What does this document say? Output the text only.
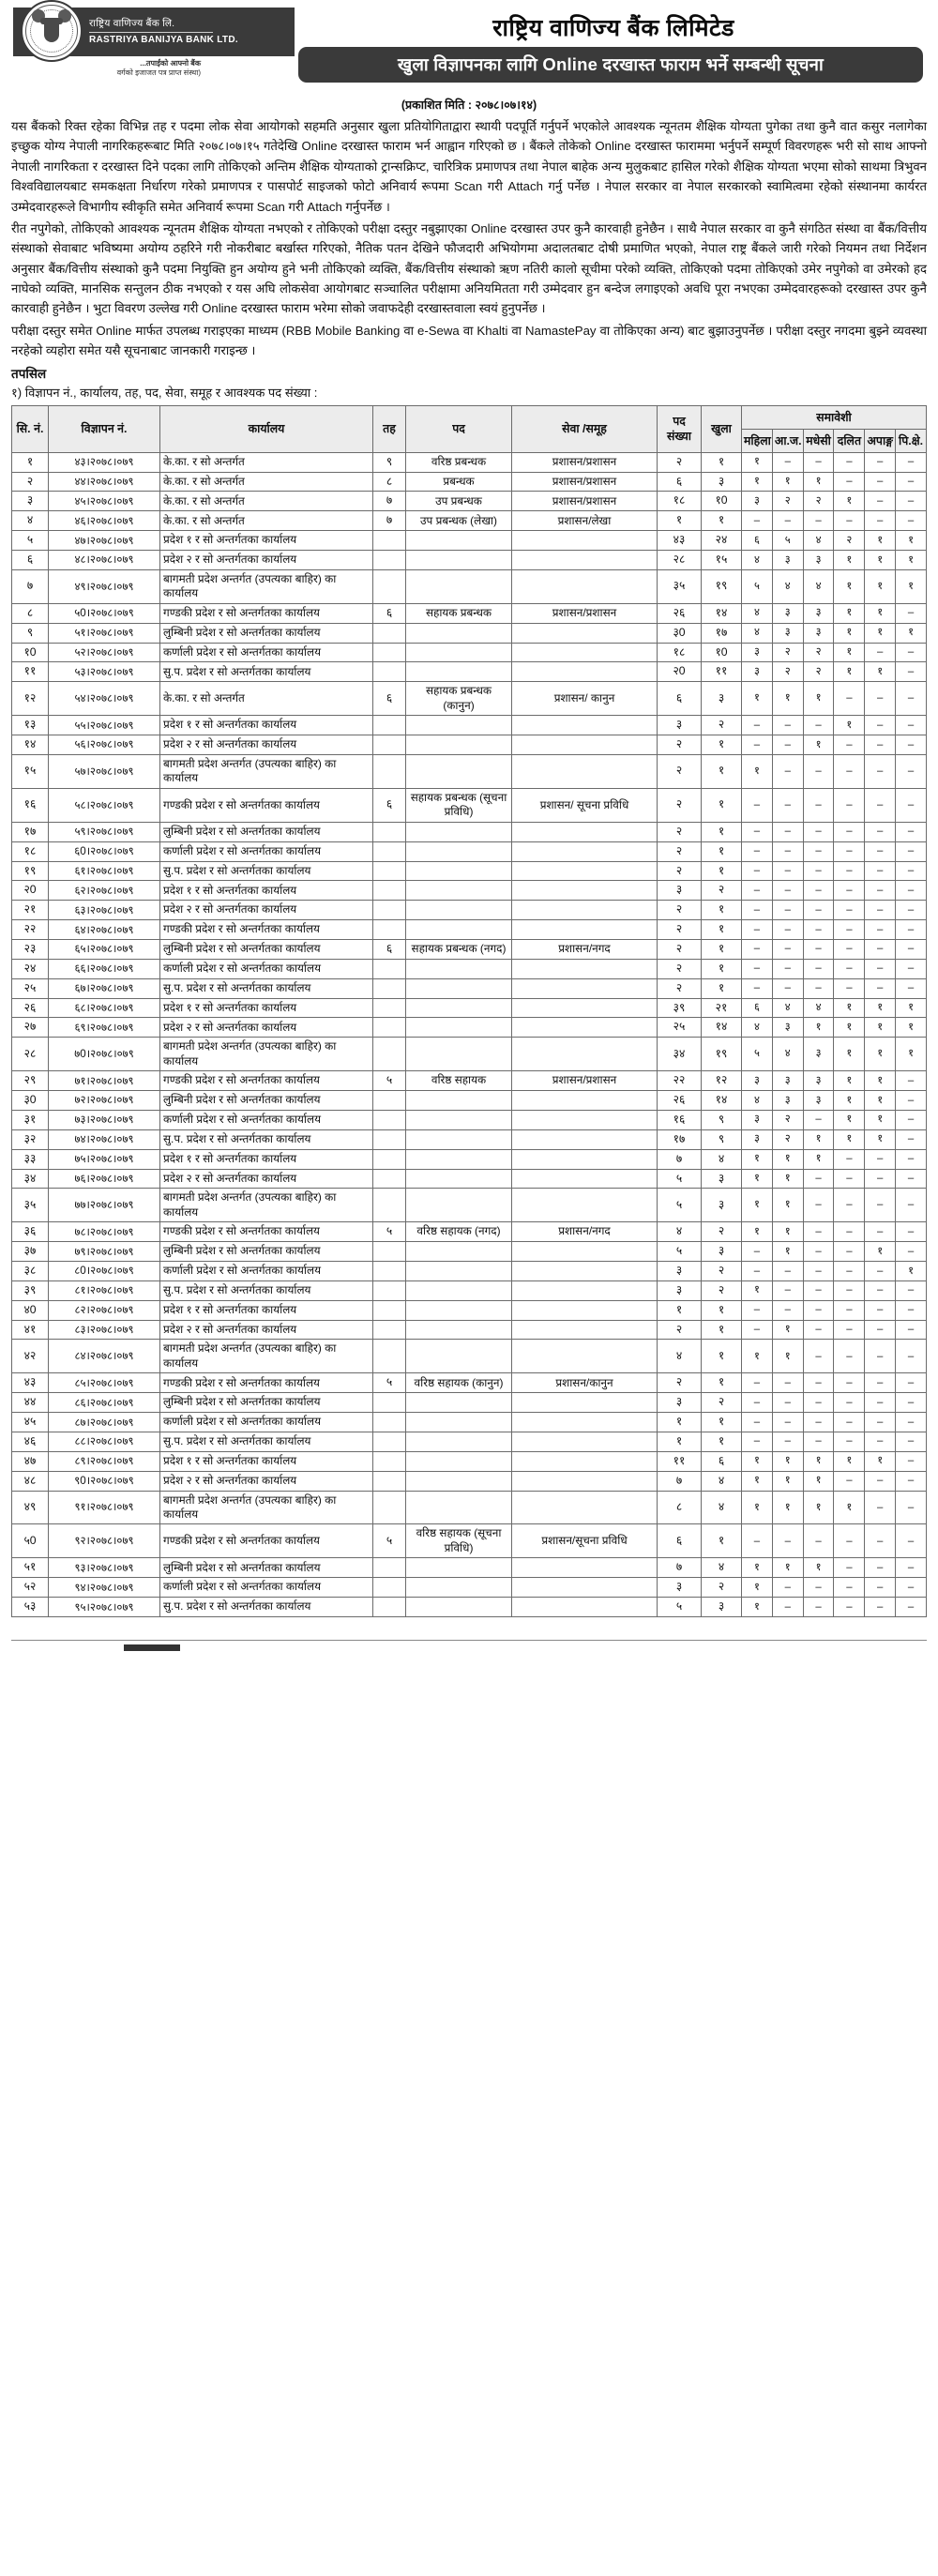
राष्ट्रिय वाणिज्य बैंक लि.
RASTRIYA BANIJYA BANK LTD.
...तपाईंको आफ्नो बैंक
वर्गको इजाजत पत्र प्राप्त संस्था)
राष्ट्रिय वाणिज्य बैंक लिमिटेड
खुला विज्ञापनका लागि Online दरखास्त फाराम भर्ने सम्बन्धी सूचना
(प्रकाशित मिति : २०७८।०७।१४)
यस बैंकको रिक्त रहेका विभिन्न तह र पदमा लोक सेवा आयोगको सहमति अनुसार खुला प्रतियोगिताद्वारा स्थायी पदपूर्ति गर्नुपर्ने भएकोले आवश्यक न्यूनतम शैक्षिक योग्यता पुगेका तथा कुनै वात कसुर नलागेका इच्छुक योग्य नेपाली नागरिकहरूबाट मिति २०७८।०७।१५ गतेदेखि Online दरखास्त फाराम भर्न आह्वान गरिएको छ । बैंकले तोकेको Online दरखास्त फाराममा भर्नुपर्ने सम्पूर्ण विवरणहरू भरी सो साथ आफ्नो नेपाली नागरिकता र दरखास्त दिने पदका लागि तोकिएको अन्तिम शैक्षिक योग्यताको ट्रान्सक्रिप्ट, चारित्रिक प्रमाणपत्र तथा नेपाल बाहेक अन्य मुलुकबाट हासिल गरेको शैक्षिक योग्यता भएमा सोको साथमा त्रिभुवन विश्वविद्यालयबाट समकक्षता निर्धारण गरेको प्रमाणपत्र र पासपोर्ट साइजको फोटो अनिवार्य रूपमा Scan गरी Attach गर्नु पर्नेछ । नेपाल सरकार वा नेपाल सरकारको स्वामित्वमा रहेको संस्थानमा कार्यरत उम्मेदवारहरूले विभागीय स्वीकृति समेत अनिवार्य रूपमा Scan गरी Attach गर्नुपर्नेछ ।
रीत नपुगेको, तोकिएको आवश्यक न्यूनतम शैक्षिक योग्यता नभएको र तोकिएको परीक्षा दस्तुर नबुझाएका Online दरखास्त उपर कुनै कारवाही हुनेछैन । साथै नेपाल सरकार वा कुनै संगठित संस्था वा बैंक/वित्तीय संस्थाको सेवाबाट भविष्यमा अयोग्य ठहरिने गरी नोकरीबाट बर्खास्त गरिएको, नैतिक पतन देखिने फौजदारी अभियोगमा अदालतबाट दोषी प्रमाणित भएको, नेपाल राष्ट्र बैंकले जारी गरेको नियमन तथा निर्देशन अनुसार बैंक/वित्तीय संस्थाको कुनै पदमा नियुक्ति हुन अयोग्य हुने भनी तोकिएको व्यक्ति, बैंक/वित्तीय संस्थाको ऋण नतिरी कालो सूचीमा परेको व्यक्ति, तोकिएको पदमा तोकिएको उमेर नपुगेको वा उमेरको हद नाघेको व्यक्ति, मानसिक सन्तुलन ठीक नभएको र यस अघि लोकसेवा आयोगबाट सञ्चालित परीक्षामा अनियमितता गरी उम्मेदवार हुन बन्देज लगाइएको अवधि पूरा नभएका उम्मेदवारहरूको दरखास्त उपर कुनै कारवाही हुनेछैन । भुटा विवरण उल्लेख गरी Online दरखास्त फाराम भरेमा सोको जवाफदेही दरखास्तवाला स्वयं हुनुपर्नेछ ।
परीक्षा दस्तुर समेत Online मार्फत उपलब्ध गराइएका माध्यम (RBB Mobile Banking वा e-Sewa वा Khalti वा NamastePay वा तोकिएका अन्य) बाट बुझाउनुपर्नेछ । परीक्षा दस्तुर नगदमा बुझ्ने व्यवस्था नरहेको व्यहोरा समेत यसै सूचनाबाट जानकारी गराइन्छ ।
तपसिल
१) विज्ञापन नं., कार्यालय, तह, पद, सेवा, समूह र आवश्यक पद संख्या :
सि. नं.	विज्ञापन नं.	कार्यालय	तह	पद	सेवा /समूह	पद संख्या	खुला	समावेशी					
								महिला	आ.ज.	मधेसी	दलित	अपाङ्ग	पि.क्षे.
१	४३।२०७८।०७९	के.का. र सो अन्तर्गत	९	वरिष्ठ प्रबन्धक	प्रशासन/प्रशासन	२	१	१	–	–	–	–	–
२	४४।२०७८।०७९	के.का. र सो अन्तर्गत	८	प्रबन्धक	प्रशासन/प्रशासन	६	३	१	१	१	–	–	–
३	४५।२०७८।०७९	के.का. र सो अन्तर्गत	७	उप प्रबन्धक	प्रशासन/प्रशासन	१८	१0	३	२	२	१	–	–
४	४६।२०७८।०७९	के.का. र सो अन्तर्गत	७	उप प्रबन्धक (लेखा)	प्रशासन/लेखा	१	१	–	–	–	–	–	–
५	४७।२०७८।०७९	प्रदेश १ र सो अन्तर्गतका कार्यालय				४३	२४	६	५	४	२	१	१
६	४८।२०७८।०७९	प्रदेश २ र सो अन्तर्गतका कार्यालय				२८	१५	४	३	३	१	१	१
७	४९।२०७८।०७९	बागमती प्रदेश अन्तर्गत (उपत्यका बाहिर) का कार्यालय				३५	१९	५	४	४	१	१	१
८	५0।२०७८।०७९	गण्डकी प्रदेश र सो अन्तर्गतका कार्यालय	६	सहायक प्रबन्धक	प्रशासन/प्रशासन	२६	१४	४	३	३	१	१	–
९	५१।२०७८।०७९	लुम्बिनी प्रदेश र सो अन्तर्गतका कार्यालय				३0	१७	४	३	३	१	१	१
१0	५२।२०७८।०७९	कर्णाली प्रदेश र सो अन्तर्गतका कार्यालय				१८	१0	३	२	२	१	–	–
११	५३।२०७८।०७९	सु.प. प्रदेश र सो अन्तर्गतका कार्यालय				२0	११	३	२	२	१	१	–
१२	५४।२०७८।०७९	के.का. र सो अन्तर्गत	६	सहायक प्रबन्धक (कानुन)	प्रशासन/ कानुन	६	३	१	१	१	–	–	–
१३	५५।२०७८।०७९	प्रदेश १ र सो अन्तर्गतका कार्यालय				३	२	–	–	–	१	–	–
१४	५६।२०७८।०७९	प्रदेश २ र सो अन्तर्गतका कार्यालय				२	१	–	–	१	–	–	–
१५	५७।२०७८।०७९	बागमती प्रदेश अन्तर्गत (उपत्यका बाहिर) का कार्यालय				२	१	१	–	–	–	–	–
१६	५८।२०७८।०७९	गण्डकी प्रदेश र सो अन्तर्गतका कार्यालय	६	सहायक प्रबन्धक (सूचना प्रविधि)	प्रशासन/ सूचना प्रविधि	२	१	–	–	–	–	–	–
१७	५९।२०७८।०७९	लुम्बिनी प्रदेश र सो अन्तर्गतका कार्यालय				२	१	–	–	–	–	–	–
१८	६0।२०७८।०७९	कर्णाली प्रदेश र सो अन्तर्गतका कार्यालय				२	१	–	–	–	–	–	–
१९	६१।२०७८।०७९	सु.प. प्रदेश र सो अन्तर्गतका कार्यालय				२	१	–	–	–	–	–	–
२0	६२।२०७८।०७९	प्रदेश १ र सो अन्तर्गतका कार्यालय				३	२	–	–	–	–	–	–
२१	६३।२०७८।०७९	प्रदेश २ र सो अन्तर्गतका कार्यालय				२	१	–	–	–	–	–	–
२२	६४।२०७८।०७९	गण्डकी प्रदेश र सो अन्तर्गतका कार्यालय				२	१	–	–	–	–	–	–
२३	६५।२०७८।०७९	लुम्बिनी प्रदेश र सो अन्तर्गतका कार्यालय	६	सहायक प्रबन्धक (नगद)	प्रशासन/नगद	२	१	–	–	–	–	–	–
२४	६६।२०७८।०७९	कर्णाली प्रदेश र सो अन्तर्गतका कार्यालय				२	१	–	–	–	–	–	–
२५	६७।२०७८।०७९	सु.प. प्रदेश र सो अन्तर्गतका कार्यालय				२	१	–	–	–	–	–	–
२६	६८।२०७८।०७९	प्रदेश १ र सो अन्तर्गतका कार्यालय				३९	२१	६	४	४	१	१	१
२७	६९।२०७८।०७९	प्रदेश २ र सो अन्तर्गतका कार्यालय				२५	१४	४	३	१	१	१	१
२८	७0।२०७८।०७९	बागमती प्रदेश अन्तर्गत (उपत्यका बाहिर) का कार्यालय				३४	१९	५	४	३	१	१	१
२९	७१।२०७८।०७९	गण्डकी प्रदेश र सो अन्तर्गतका कार्यालय	५	वरिष्ठ सहायक	प्रशासन/प्रशासन	२२	१२	३	३	३	१	१	–
३0	७२।२०७८।०७९	लुम्बिनी प्रदेश र सो अन्तर्गतका कार्यालय				२६	१४	४	३	३	१	१	–
३१	७३।२०७८।०७९	कर्णाली प्रदेश र सो अन्तर्गतका कार्यालय				१६	९	३	२	–	१	१	–
३२	७४।२०७८।०७९	सु.प. प्रदेश र सो अन्तर्गतका कार्यालय				१७	९	३	२	१	१	१	–
३३	७५।२०७८।०७९	प्रदेश १ र सो अन्तर्गतका कार्यालय				७	४	१	१	१	–	–	–
३४	७६।२०७८।०७९	प्रदेश २ र सो अन्तर्गतका कार्यालय				५	३	१	१	–	–	–	–
३५	७७।२०७८।०७९	बागमती प्रदेश अन्तर्गत (उपत्यका बाहिर) का कार्यालय				५	३	१	१	–	–	–	–
३६	७८।२०७८।०७९	गण्डकी प्रदेश र सो अन्तर्गतका कार्यालय	५	वरिष्ठ सहायक (नगद)	प्रशासन/नगद	४	२	१	१	–	–	–	–
३७	७९।२०७८।०७९	लुम्बिनी प्रदेश र सो अन्तर्गतका कार्यालय				५	३	–	१	–	–	१	–
३८	८0।२०७८।०७९	कर्णाली प्रदेश र सो अन्तर्गतका कार्यालय				३	२	–	–	–	–	–	१
३९	८१।२०७८।०७९	सु.प. प्रदेश र सो अन्तर्गतका कार्यालय				३	२	१	–	–	–	–	–
४0	८२।२०७८।०७९	प्रदेश १ र सो अन्तर्गतका कार्यालय				१	१	–	–	–	–	–	–
४१	८३।२०७८।०७९	प्रदेश २ र सो अन्तर्गतका कार्यालय				२	१	–	१	–	–	–	–
४२	८४।२०७८।०७९	बागमती प्रदेश अन्तर्गत (उपत्यका बाहिर) का कार्यालय				४	१	१	१	–	–	–	–
४३	८५।२०७८।०७९	गण्डकी प्रदेश र सो अन्तर्गतका कार्यालय	५	वरिष्ठ सहायक (कानुन)	प्रशासन/कानुन	२	१	–	–	–	–	–	–
४४	८६।२०७८।०७९	लुम्बिनी प्रदेश र सो अन्तर्गतका कार्यालय				३	२	–	–	–	–	–	–
४५	८७।२०७८।०७९	कर्णाली प्रदेश र सो अन्तर्गतका कार्यालय				१	१	–	–	–	–	–	–
४६	८८।२०७८।०७९	सु.प. प्रदेश र सो अन्तर्गतका कार्यालय				१	१	–	–	–	–	–	–
४७	८९।२०७८।०७९	प्रदेश १ र सो अन्तर्गतका कार्यालय				११	६	१	१	१	१	१	–
४८	९0।२०७८।०७९	प्रदेश २ र सो अन्तर्गतका कार्यालय				७	४	१	१	१	–	–	–
४९	९१।२०७८।०७९	बागमती प्रदेश अन्तर्गत (उपत्यका बाहिर) का कार्यालय				८	४	१	१	१	१	–	–
५0	९२।२०७८।०७९	गण्डकी प्रदेश र सो अन्तर्गतका कार्यालय	५	वरिष्ठ सहायक (सूचना प्रविधि)	प्रशासन/सूचना प्रविधि	६	१	–	–	–	–	–	–
५१	९३।२०७८।०७९	लुम्बिनी प्रदेश र सो अन्तर्गतका कार्यालय				७	४	१	१	१	–	–	–
५२	९४।२०७८।०७९	कर्णाली प्रदेश र सो अन्तर्गतका कार्यालय				३	२	१	–	–	–	–	–
५३	९५।२०७८।०७९	सु.प. प्रदेश र सो अन्तर्गतका कार्यालय				५	३	१	–	–	–	–	–
